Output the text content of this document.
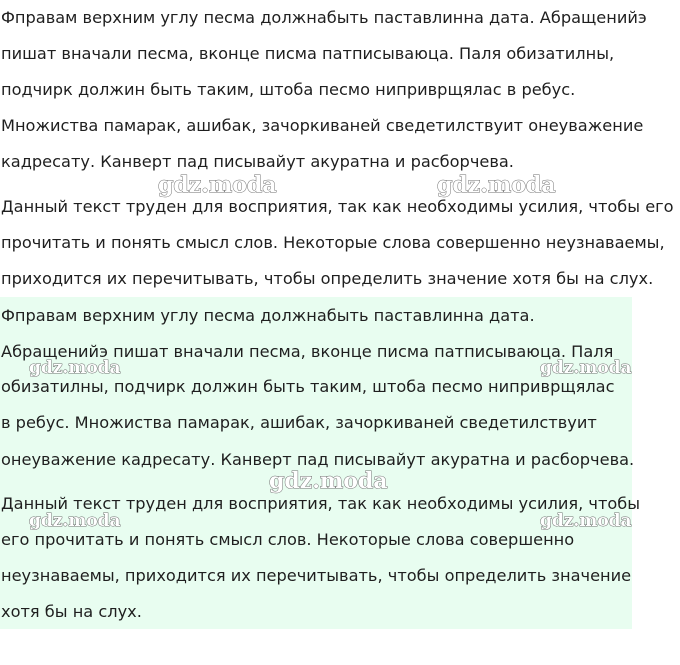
Фправам верхним углу песма должнабыть паставлинна дата. Абращенийэ

пишат вначали песма, вконце писма патписываюца. Паля обизатилны,

подчирк должин быть таким, штоба песмо ниприврщялас в ребус.

Множиства памарак, ашибак, зачоркиваней сведетилствуит онеуважение

кадресату. Канверт пад писывайут акуратна и расборчева.

Данный текст труден для восприятия, так как необходимы усилия, чтобы его

прочитать и понять смысл слов. Некоторые слова совершенно неузнаваемы,

приходится их перечитывать, чтобы определить значение хотя бы на слух.

Фправам верхним углу песма должнабыть паставлинна дата.

Абращенийэ пишат вначали песма, вконце писма патписываюца. Паля

обизатилны, подчирк должин быть таким, штоба песмо ниприврщялас

в ребус. Множиства памарак, ашибак, зачоркиваней сведетилствуит

онеуважение кадресату. Канверт пад писывайут акуратна и расборчева.

Данный текст труден для восприятия, так как необходимы усилия, чтобы

его прочитать и понять смысл слов. Некоторые слова совершенно

неузнаваемы, приходится их перечитывать, чтобы определить значение

хотя бы на слух.

gdz.moda	gdz.moda
gdz.moda	gdz.moda
gdz.moda
gdz.moda	gdz.moda
